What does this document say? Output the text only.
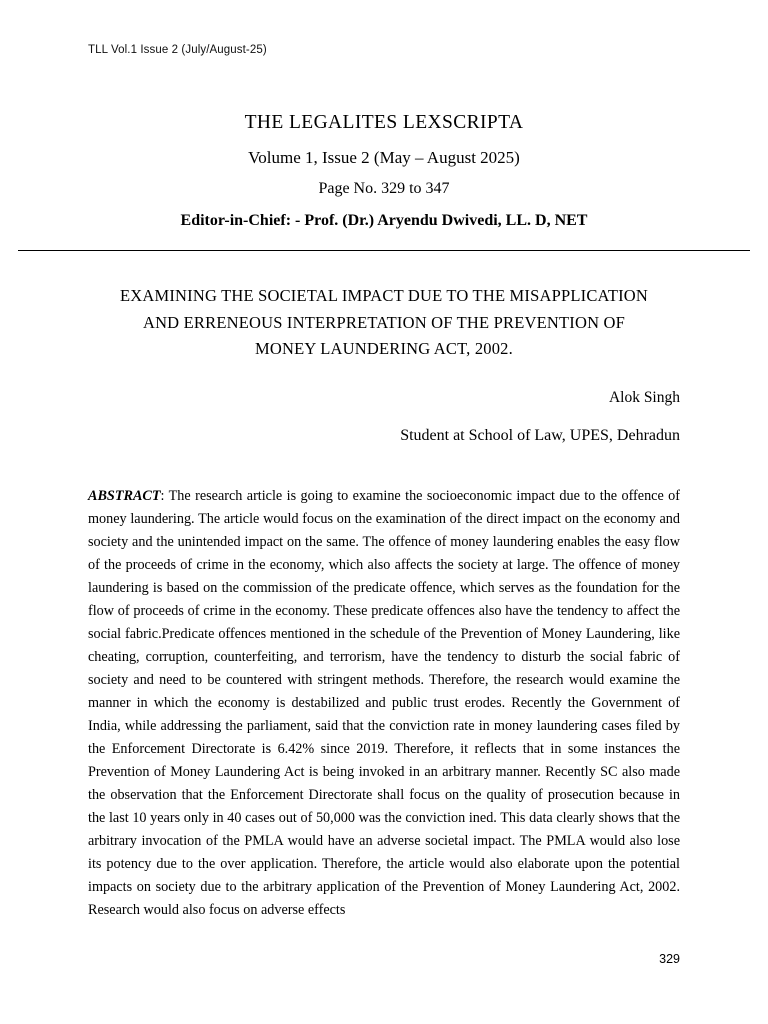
TLL Vol.1 Issue 2 (July/August-25)
THE LEGALITES LEXSCRIPTA
Volume 1, Issue 2 (May – August 2025)
Page No. 329 to 347
Editor-in-Chief: - Prof. (Dr.) Aryendu Dwivedi, LL. D, NET
EXAMINING THE SOCIETAL IMPACT DUE TO THE MISAPPLICATION
AND ERRENEOUS INTERPRETATION OF THE PREVENTION OF
MONEY LAUNDERING ACT, 2002.
Alok Singh
Student at School of Law, UPES, Dehradun
ABSTRACT: The research article is going to examine the socioeconomic impact due to the offence of money laundering. The article would focus on the examination of the direct impact on the economy and society and the unintended impact on the same. The offence of money laundering enables the easy flow of the proceeds of crime in the economy, which also affects the society at large. The offence of money laundering is based on the commission of the predicate offence, which serves as the foundation for the flow of proceeds of crime in the economy. These predicate offences also have the tendency to affect the social fabric.Predicate offences mentioned in the schedule of the Prevention of Money Laundering, like cheating, corruption, counterfeiting, and terrorism, have the tendency to disturb the social fabric of society and need to be countered with stringent methods. Therefore, the research would examine the manner in which the economy is destabilized and public trust erodes. Recently the Government of India, while addressing the parliament, said that the conviction rate in money laundering cases filed by the Enforcement Directorate is 6.42% since 2019. Therefore, it reflects that in some instances the Prevention of Money Laundering Act is being invoked in an arbitrary manner. Recently SC also made the observation that the Enforcement Directorate shall focus on the quality of prosecution because in the last 10 years only in 40 cases out of 50,000 was the conviction ined. This data clearly shows that the arbitrary invocation of the PMLA would have an adverse societal impact. The PMLA would also lose its potency due to the over application. Therefore, the article would also elaborate upon the potential impacts on society due to the arbitrary application of the Prevention of Money Laundering Act, 2002. Research would also focus on adverse effects
329
